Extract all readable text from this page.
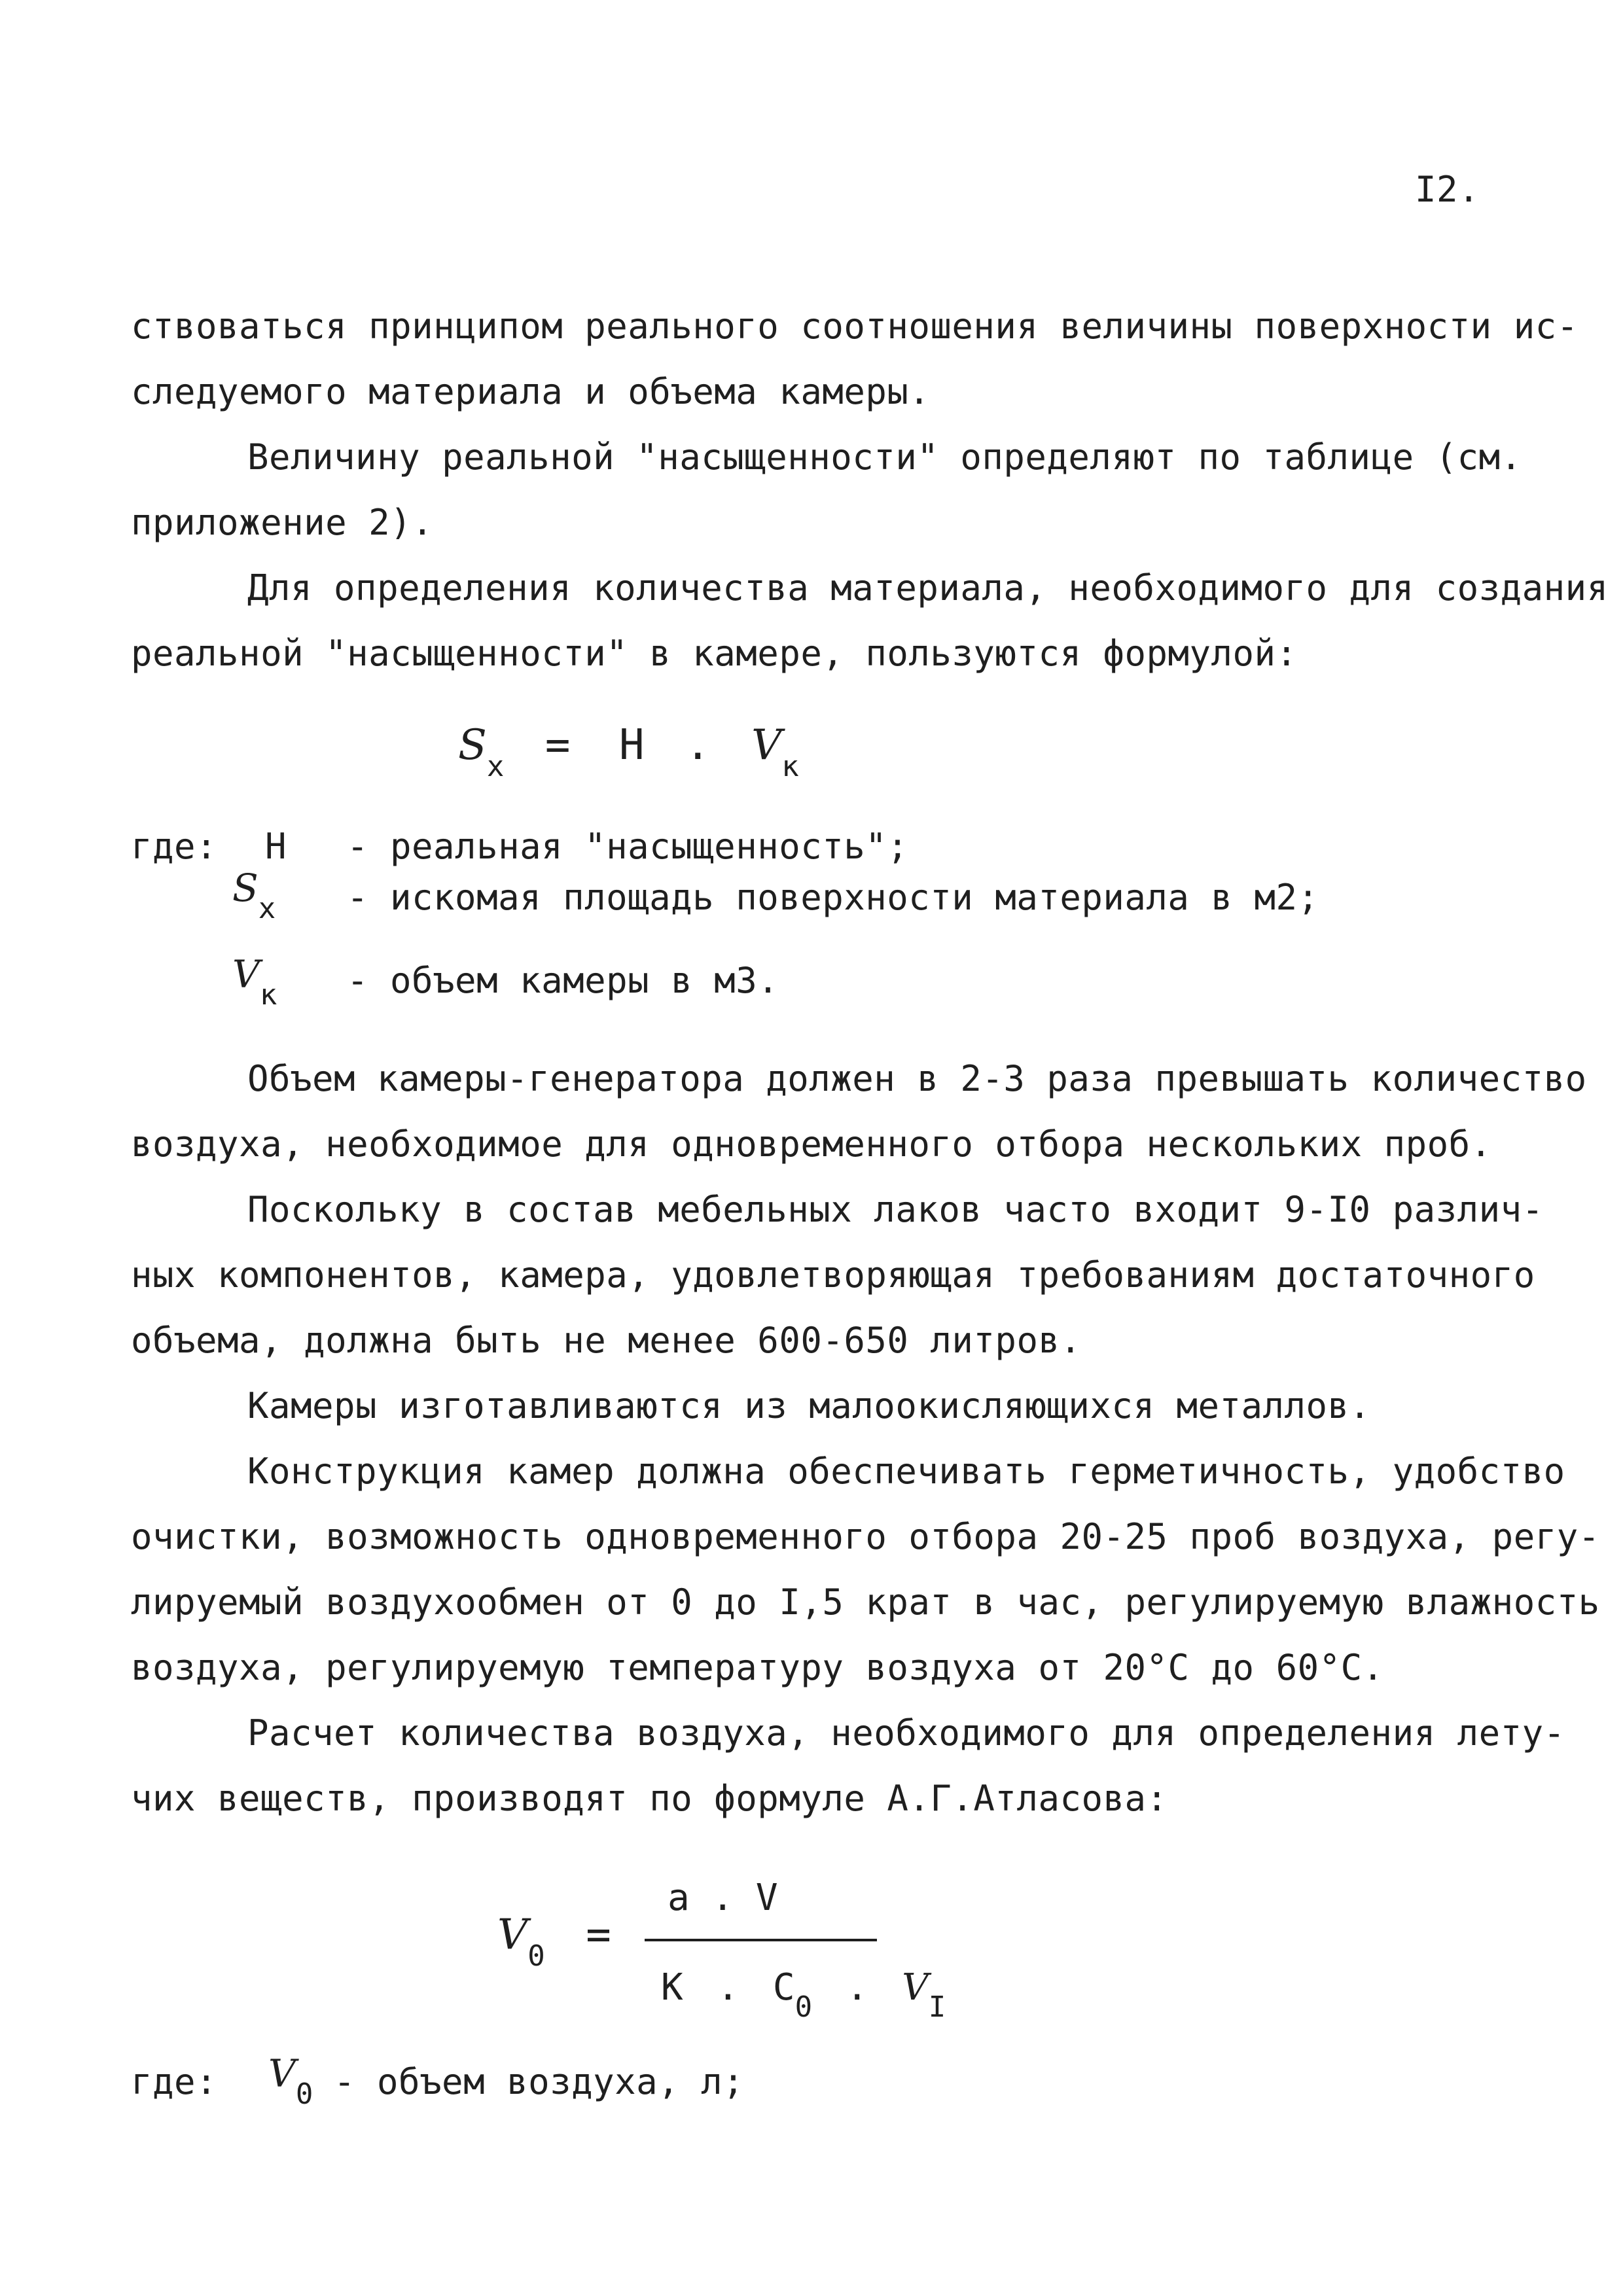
I2.
ствоваться принципом реального соотношения величины поверхности ис-
следуемого материала и объема камеры.
Величину реальной "насыщенности" определяют по таблице (см.
приложение 2).
Для определения количества материала, необходимого для создания
реальной "насыщенности" в камере, пользуются формулой:
$S_x = H$ . $V_к$
где: Н - реальная "насыщенность";
$S_x$ - искомая площадь поверхности материала в м2;
$V_к$ - объем камеры в м3.
Объем камеры-генератора должен в 2-3 раза превышать количество
воздуха, необходимое для одновременного отбора нескольких проб.
Поскольку в состав мебельных лаков часто входит 9-I0 различ-
ных компонентов, камера, удовлетворяющая требованиям достаточного
объема, должна быть не менее 600-650 литров.
Камеры изготавливаются из малоокисляющихся металлов.
Конструкция камер должна обеспечивать герметичность, удобство
очистки, возможность одновременного отбора 20-25 проб воздуха, регу-
лируемый воздухообмен от 0 до I,5 крат в час, регулируемую влажность
воздуха, регулируемую температуру воздуха от 20°С до 60°С.
Расчет количества воздуха, необходимого для определения лету-
чих веществ, производят по формуле А.Г.Атласова:
$V_0$ =
а . V
К . $С_0$ . $V_I$
где: $V_0$ - объем воздуха, л;
